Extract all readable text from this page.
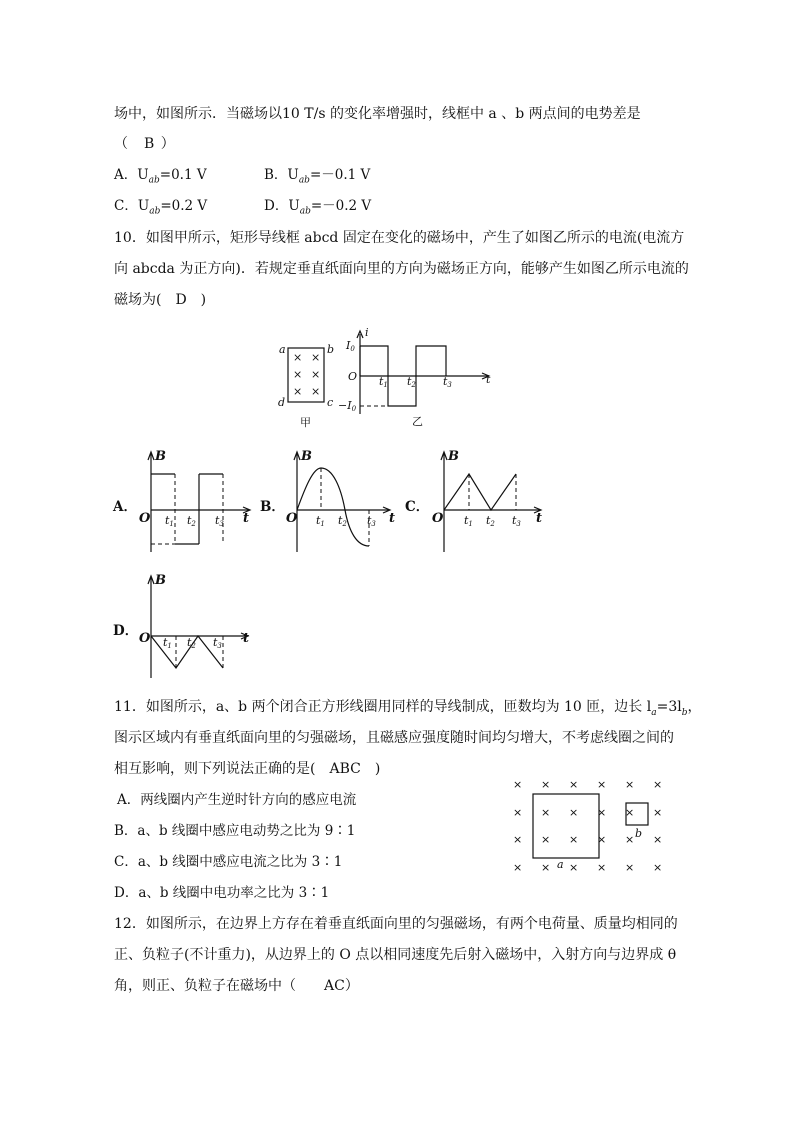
场中，如图所示．当磁场以10 T/s 的变化率增强时，线框中 a 、b 两点间的电势差是
（　B ）
A．$U_{ab}=0.1$ V	B．$U_{ab}=-0.1$ V
C．$U_{ab}=0.2$ V	D．$U_{ab}=-0.2$ V
10．如图甲所示，矩形导线框 abcd 固定在变化的磁场中，产生了如图乙所示的电流(电流方
向 abcda 为正方向)．若规定垂直纸面向里的方向为磁场正方向，能够产生如图乙所示电流的
磁场为(　D　)
a	b
c
d
× ×
× ×
× ×
甲
i
I0
−I0
O t1 t2 t3	t
乙
A．
B
O t1 t2 t3 t
B．
B
O t1 t2 t3 t
C．
B
O t1 t2 t3 t
D．
B
O t1 t2 t3 t
11．如图所示，a、b 两个闭合正方形线圈用同样的导线制成，匝数均为 10 匝，边长 $l_a=3l_b$，
图示区域内有垂直纸面向里的匀强磁场，且磁感应强度随时间均匀增大，不考虑线圈之间的
相互影响，则下列说法正确的是(　ABC　)
A．两线圈内产生逆时针方向的感应电流
B．a、b 线圈中感应电动势之比为 9∶1
C．a、b 线圈中感应电流之比为 3∶1
D．a、b 线圈中电功率之比为 3∶1
× × × × × ×
× × × × × ×
× × × × × ×
× × × × × ×
a
b
12．如图所示，在边界上方存在着垂直纸面向里的匀强磁场，有两个电荷量、质量均相同的
正、负粒子(不计重力)，从边界上的 O 点以相同速度先后射入磁场中，入射方向与边界成 θ
角，则正、负粒子在磁场中（　　AC）
